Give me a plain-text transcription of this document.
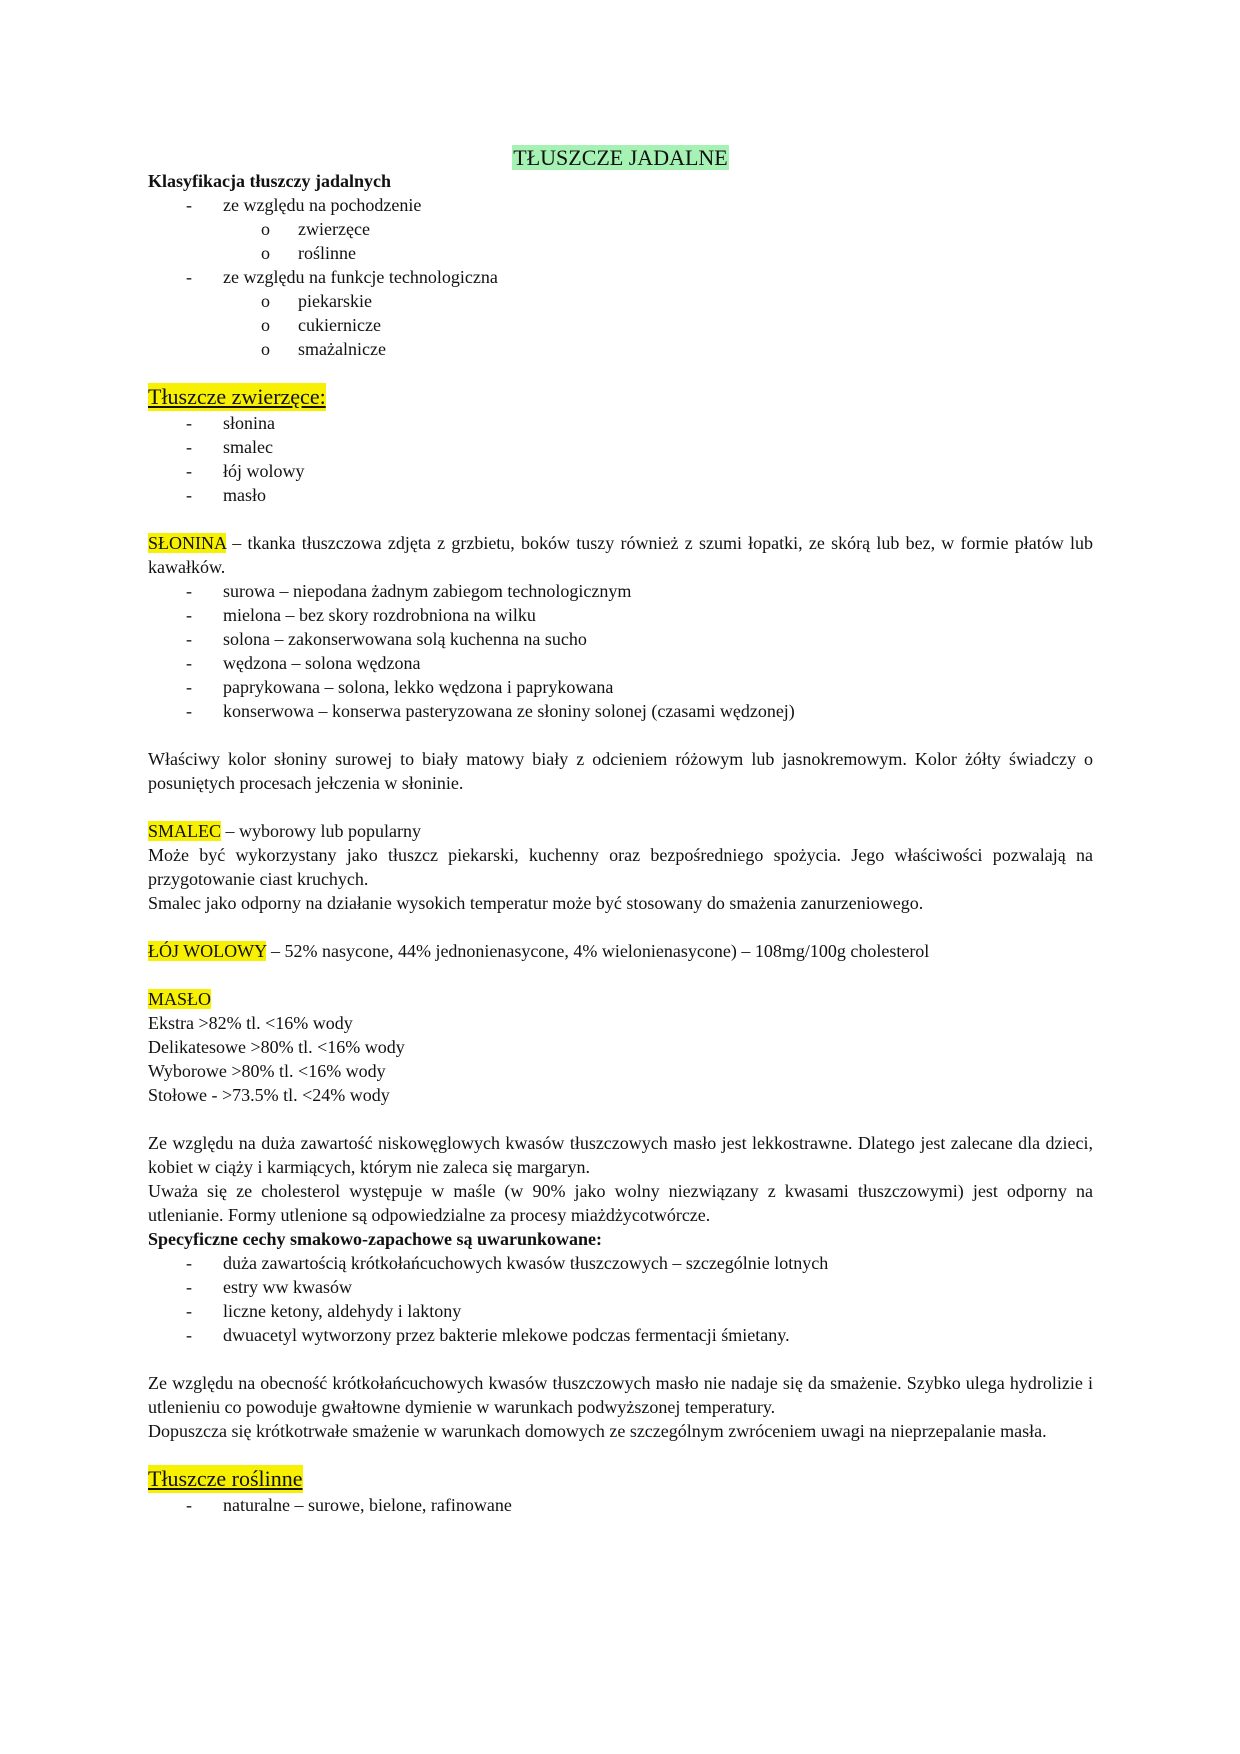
TŁUSZCZE JADALNE

Klasyfikacja tłuszczy jadalnych

- ze względu na pochodzenie
o zwierzęce
o roślinne
- ze względu na funkcje technologiczna
o piekarskie
o cukiernicze
o smażalnicze
Tłuszcze zwierzęce:
- słonina
- smalec
- łój wolowy
- masło

SŁONINA – tkanka tłuszczowa zdjęta z grzbietu, boków tuszy również z szumi łopatki, ze skórą lub bez, w formie płatów lub kawałków.

- surowa – niepodana żadnym zabiegom technologicznym
- mielona – bez skory rozdrobniona na wilku
- solona – zakonserwowana solą kuchenna na sucho
- wędzona – solona wędzona
- paprykowana – solona, lekko wędzona i paprykowana
- konserwowa – konserwa pasteryzowana ze słoniny solonej (czasami wędzonej)

Właściwy kolor słoniny surowej to biały matowy biały z odcieniem różowym lub jasnokremowym. Kolor żółty świadczy o posuniętych procesach jełczenia w słoninie.

SMALEC – wyborowy lub popularny

Może być wykorzystany jako tłuszcz piekarski, kuchenny oraz bezpośredniego spożycia. Jego właściwości pozwalają na przygotowanie ciast kruchych.

Smalec jako odporny na działanie wysokich temperatur może być stosowany do smażenia zanurzeniowego.

ŁÓJ WOLOWY – 52% nasycone, 44% jednonienasycone, 4% wielonienasycone) – 108mg/100g cholesterol

MASŁO

Ekstra >82% tl. <16% wody

Delikatesowe >80% tl. <16% wody

Wyborowe >80% tl. <16% wody

Stołowe - >73.5% tl. <24% wody

Ze względu na duża zawartość niskowęglowych kwasów tłuszczowych masło jest lekkostrawne. Dlatego jest zalecane dla dzieci, kobiet w ciąży i karmiących, którym nie zaleca się margaryn.

Uważa się ze cholesterol występuje w maśle (w 90% jako wolny niezwiązany z kwasami tłuszczowymi) jest odporny na utlenianie. Formy utlenione są odpowiedzialne za procesy miażdżycotwórcze.

Specyficzne cechy smakowo-zapachowe są uwarunkowane:

- duża zawartością krótkołańcuchowych kwasów tłuszczowych – szczególnie lotnych
- estry ww kwasów
- liczne ketony, aldehydy i laktony
- dwuacetyl wytworzony przez bakterie mlekowe podczas fermentacji śmietany.

Ze względu na obecność krótkołańcuchowych kwasów tłuszczowych masło nie nadaje się da smażenie. Szybko ulega hydrolizie i utlenieniu co powoduje gwałtowne dymienie w warunkach podwyższonej temperatury.

Dopuszcza się krótkotrwałe smażenie w warunkach domowych ze szczególnym zwróceniem uwagi na nieprzepalanie masła.

Tłuszcze roślinne
- naturalne – surowe, bielone, rafinowane
